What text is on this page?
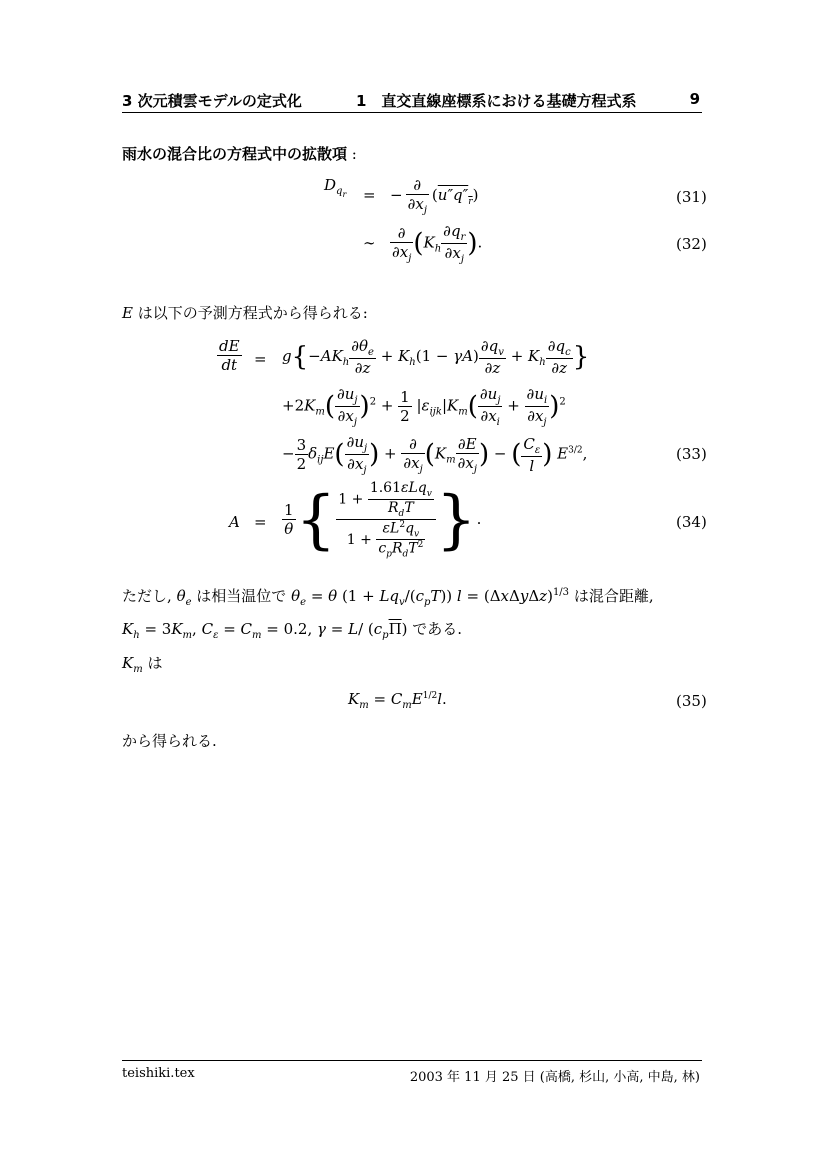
3 次元積雲モデルの定式化	1　直交直線座標系における基礎方程式系	9
雨水の混合比の方程式中の拡散項 :
$D_{q_r}$ = − $\frac{\partial}{\partial x_j} (u''q''_r)$	(31)
∼ $\frac{\partial}{\partial x_j} (K_h \frac{\partial q_r}{\partial x_j}$ ).	(32)
E は以下の予測方程式から得られる:
$\frac{dE}{dt} = g\{-AK_h \frac{\partial\theta_e}{\partial z} + K_h(1 - \gamma A) \frac{\partial q_v}{\partial z} + K_h \frac{\partial q_c}{\partial z}$ }
$+2K_m( \frac{\partial u_j}{\partial x_j} )^2 + \frac{1}{2} |\varepsilon_{ijk}|K_m( \frac{\partial u_j}{\partial x_i} + \frac{\partial u_i}{\partial x_j} )^2$
− $\frac{3}{2} \delta_{ij}E( \frac{\partial u_j}{\partial x_j}$ ) + $\frac{\partial}{\partial x_j} (K_m \frac{\partial E}{\partial x_j}$ ) − ( $\frac{C_\varepsilon}{l}$ ) $E^{3/2}$,	(33)
$A = \frac{1}{\theta}$ { $\frac{1 + \frac{1.61\varepsilon Lq_v}{R_dT}}{1 + \frac{\varepsilon L^2q_v}{c_pR_dT^2}}$ }.	(34)
ただし, $\theta_e$ は相当温位で $\theta_e = \theta$ $(1 + Lq_v/(c_pT))$ $l = (\Delta x\Delta y\Delta z)^{1/3}$ は混合距離,
$K_h = 3K_m$, $C_\varepsilon = C_m = 0.2$, γ = L/ $(c_p\overline{\Pi})$ である.
$K_m$ は
$K_m = C_mE^{1/2}l$.	(35)
から得られる.
teishiki.tex	2003 年 11 月 25 日 (高橋, 杉山, 小高, 中島, 林)
